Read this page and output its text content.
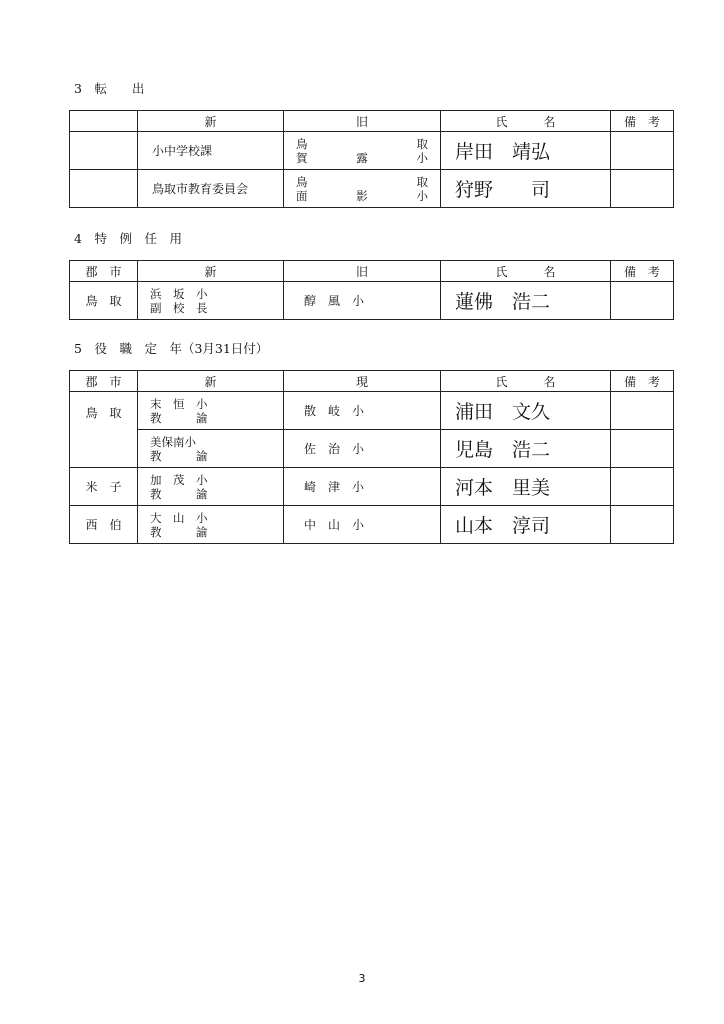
3　転　　出
	新	旧	氏　　　名	備　考

	小中学校課	鳥 取
賀 露 小	岸田　靖弘	

	鳥取市教育委員会	鳥 取
面 影 小	狩野　　司	

4　特　例　任　用
郡　市	新	旧	氏　　　名	備　考

鳥　取	浜　坂　小
副　校　長	醇　風　小	蓮佛　浩二	

5　役　職　定　年（3月31日付）
郡　市	新	現	氏　　　名	備　考

鳥　取	末　恒　小
教　　　諭	散　岐　小	浦田　文久	

美保南小
教　　　諭	佐　治　小	児島　浩二	

米　子	加　茂　小
教　　　諭	崎　津　小	河本　里美	

西　伯	大　山　小
教　　　諭	中　山　小	山本　淳司	

3
